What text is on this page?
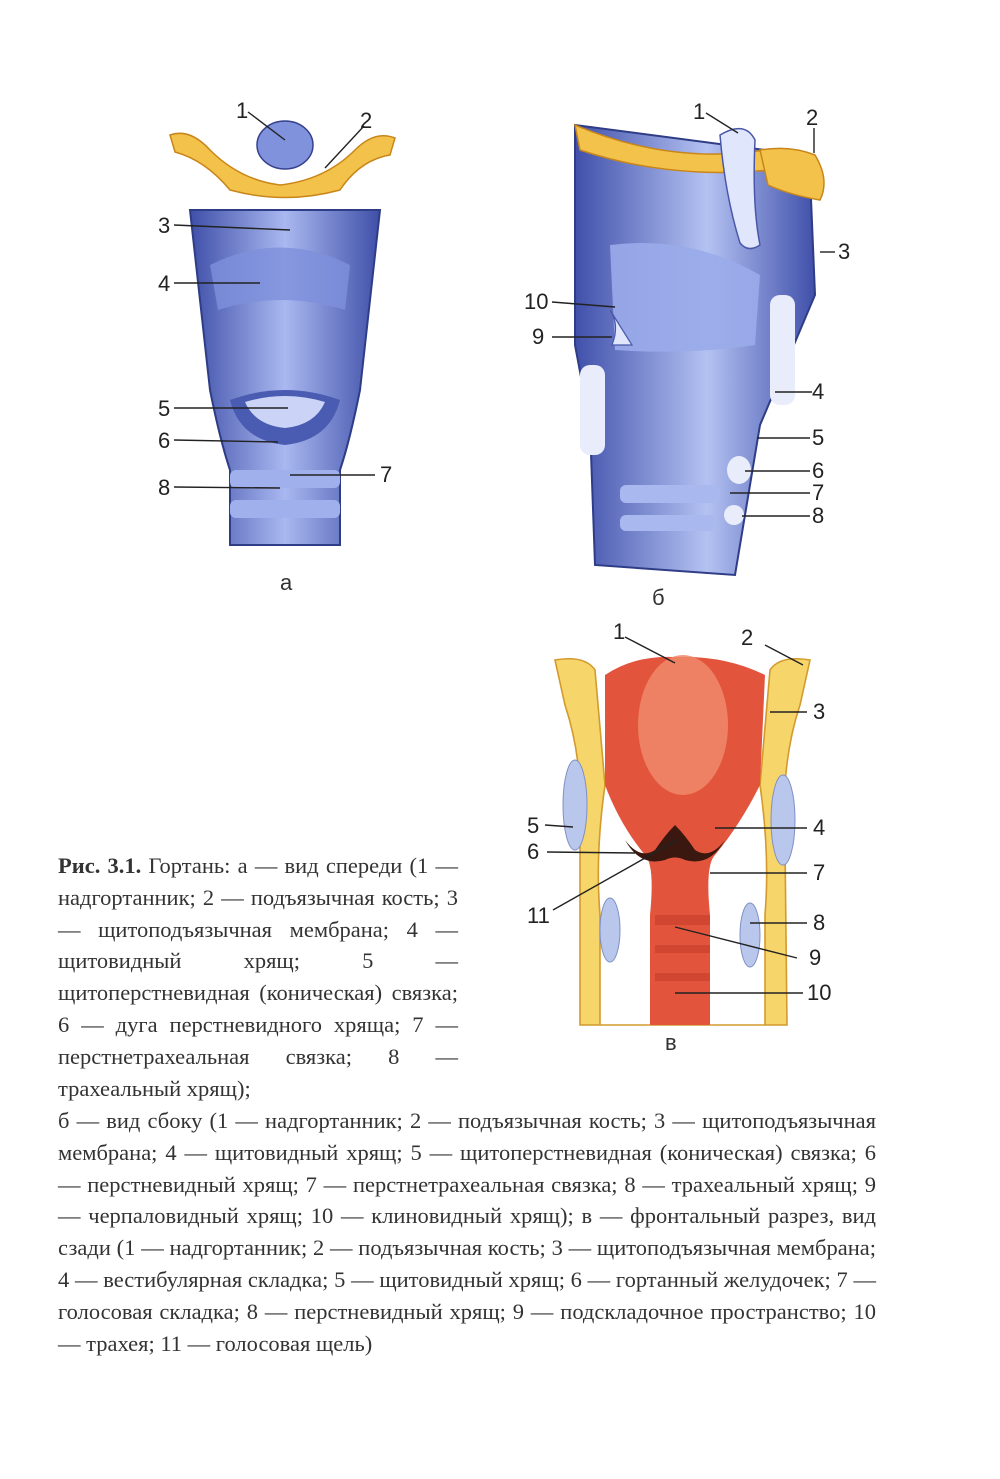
1	2
3
4
5
6
7
8
а
1	2
3
4
5
6
7
8
9
10
б
1	2
3
4
5
6
7
8
9
10
11
в
Рис. 3.1. Гортань: а — вид спереди (1 — надгортанник; 2 — подъязычная кость; 3 — щитоподъязычная мембрана; 4 — щитовидный хрящ; 5 — щитоперстневидная (коническая) связка; 6 — дуга перстневидного хряща; 7 — перстнетрахеальная связка; 8 — трахеальный хрящ);
б — вид сбоку (1 — надгортанник; 2 — подъязычная кость; 3 — щитоподъязычная мембрана; 4 — щитовидный хрящ; 5 — щитоперстневидная (коническая) связка; 6 — перстневидный хрящ; 7 — перстнетрахеальная связка; 8 — трахеальный хрящ; 9 — черпаловидный хрящ; 10 — клиновидный хрящ); в — фронтальный разрез, вид сзади (1 — надгортанник; 2 — подъязычная кость; 3 — щитоподъязычная мембрана; 4 — вестибулярная складка; 5 — щитовидный хрящ; 6 — гортанный желудочек; 7 — голосовая складка; 8 — перстневидный хрящ; 9 — подскладочное пространство; 10 — трахея; 11 — голосовая щель)
